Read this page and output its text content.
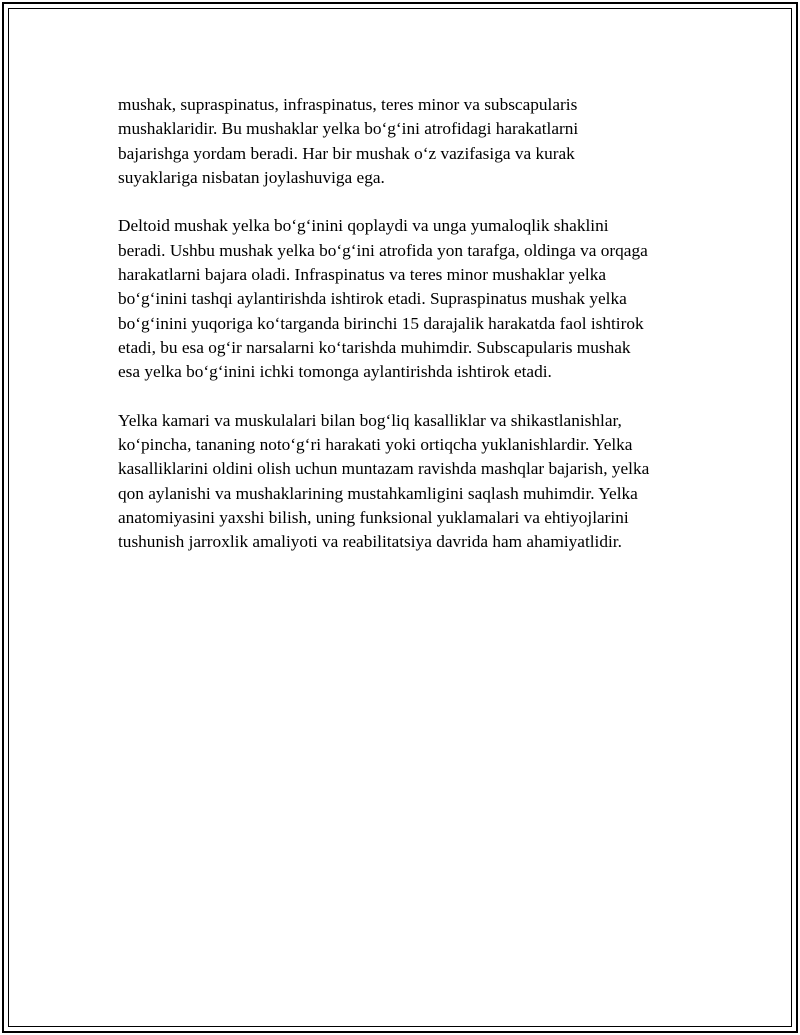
mushak, supraspinatus, infraspinatus, teres minor va subscapularis
mushaklaridir. Bu mushaklar yelka bo‘g‘ini atrofidagi harakatlarni
bajarishga yordam beradi. Har bir mushak o‘z vazifasiga va kurak
suyaklariga nisbatan joylashuviga ega.

Deltoid mushak yelka bo‘g‘inini qoplaydi va unga yumaloqlik shaklini
beradi. Ushbu mushak yelka bo‘g‘ini atrofida yon tarafga, oldinga va orqaga
harakatlarni bajara oladi. Infraspinatus va teres minor mushaklar yelka
bo‘g‘inini tashqi aylantirishda ishtirok etadi. Supraspinatus mushak yelka
bo‘g‘inini yuqoriga ko‘targanda birinchi 15 darajalik harakatda faol ishtirok
etadi, bu esa og‘ir narsalarni ko‘tarishda muhimdir. Subscapularis mushak
esa yelka bo‘g‘inini ichki tomonga aylantirishda ishtirok etadi.

Yelka kamari va muskulalari bilan bog‘liq kasalliklar va shikastlanishlar,
ko‘pincha, tananing noto‘g‘ri harakati yoki ortiqcha yuklanishlardir. Yelka
kasalliklarini oldini olish uchun muntazam ravishda mashqlar bajarish, yelka
qon aylanishi va mushaklarining mustahkamligini saqlash muhimdir. Yelka
anatomiyasini yaxshi bilish, uning funksional yuklamalari va ehtiyojlarini
tushunish jarroxlik amaliyoti va reabilitatsiya davrida ham ahamiyatlidir.
